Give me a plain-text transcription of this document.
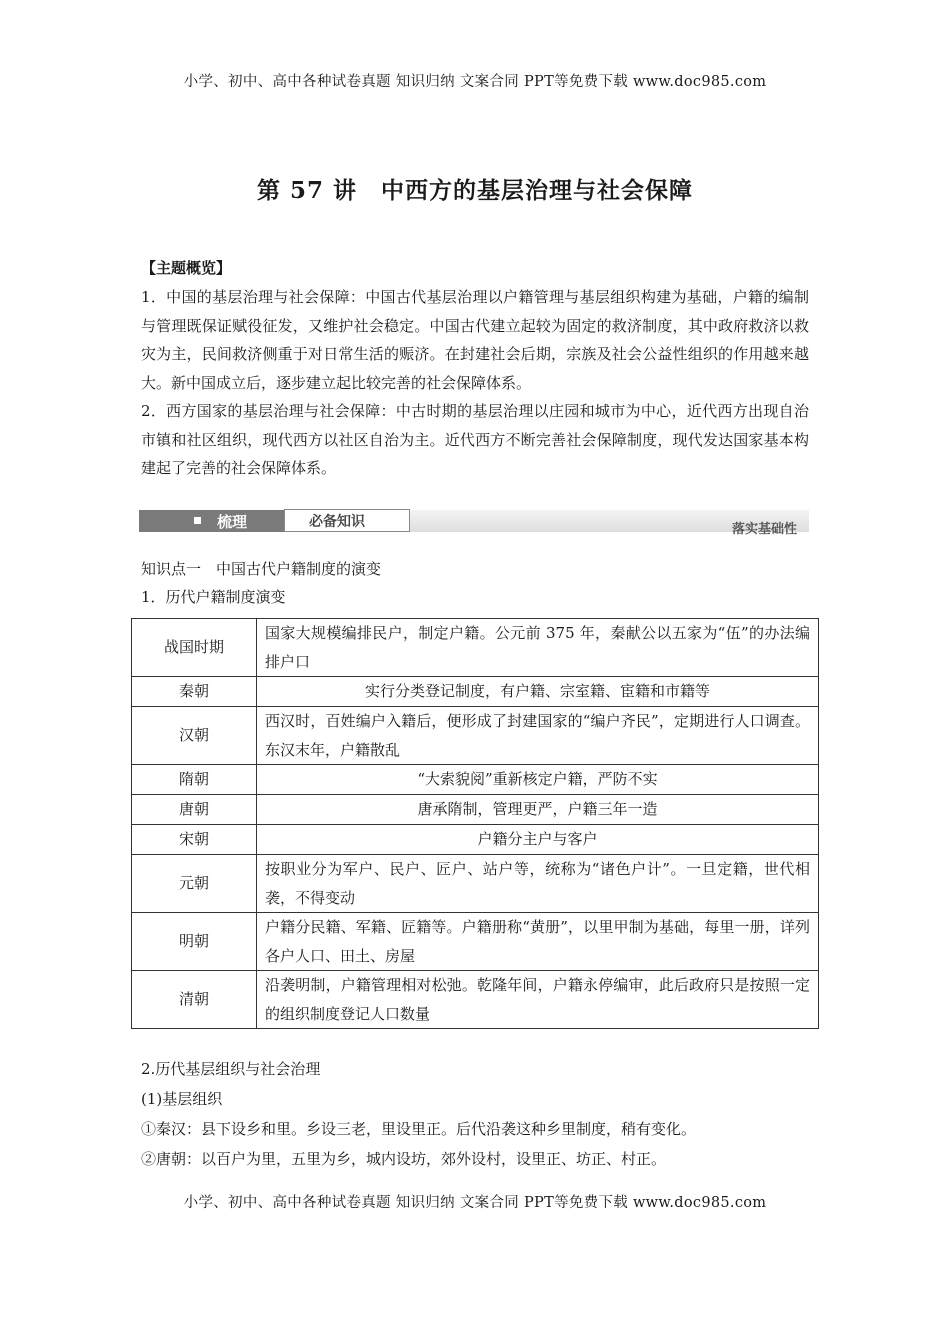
小学、初中、高中各种试卷真题 知识归纳 文案合同 PPT等免费下载 www.doc985.com
第 57 讲　中西方的基层治理与社会保障
【主题概览】

1．中国的基层治理与社会保障：中国古代基层治理以户籍管理与基层组织构建为基础，户籍的编制与管理既保证赋役征发，又维护社会稳定。中国古代建立起较为固定的救济制度，其中政府救济以救灾为主，民间救济侧重于对日常生活的赈济。在封建社会后期，宗族及社会公益性组织的作用越来越大。新中国成立后，逐步建立起比较完善的社会保障体系。

2．西方国家的基层治理与社会保障：中古时期的基层治理以庄园和城市为中心，近代西方出现自治市镇和社区组织，现代西方以社区自治为主。近代西方不断完善社会保障制度，现代发达国家基本构建起了完善的社会保障体系。

梳理	必备知识	落实基础性
知识点一　中国古代户籍制度的演变
1．历代户籍制度演变
战国时期	国家大规模编排民户，制定户籍。公元前 375 年，秦献公以五家为“伍”的办法编排户口
秦朝	实行分类登记制度，有户籍、宗室籍、宦籍和市籍等
汉朝	西汉时，百姓编户入籍后，便形成了封建国家的“编户齐民”，定期进行人口调查。东汉末年，户籍散乱
隋朝	“大索貌阅”重新核定户籍，严防不实
唐朝	唐承隋制，管理更严，户籍三年一造
宋朝	户籍分主户与客户
元朝	按职业分为军户、民户、匠户、站户等，统称为“诸色户计”。一旦定籍，世代相袭，不得变动
明朝	户籍分民籍、军籍、匠籍等。户籍册称“黄册”，以里甲制为基础，每里一册，详列各户人口、田土、房屋
清朝	沿袭明制，户籍管理相对松弛。乾隆年间，户籍永停编审，此后政府只是按照一定的组织制度登记人口数量
2.历代基层组织与社会治理
(1)基层组织
①秦汉：县下设乡和里。乡设三老，里设里正。后代沿袭这种乡里制度，稍有变化。
②唐朝：以百户为里，五里为乡，城内设坊，郊外设村，设里正、坊正、村正。
小学、初中、高中各种试卷真题 知识归纳 文案合同 PPT等免费下载 www.doc985.com
